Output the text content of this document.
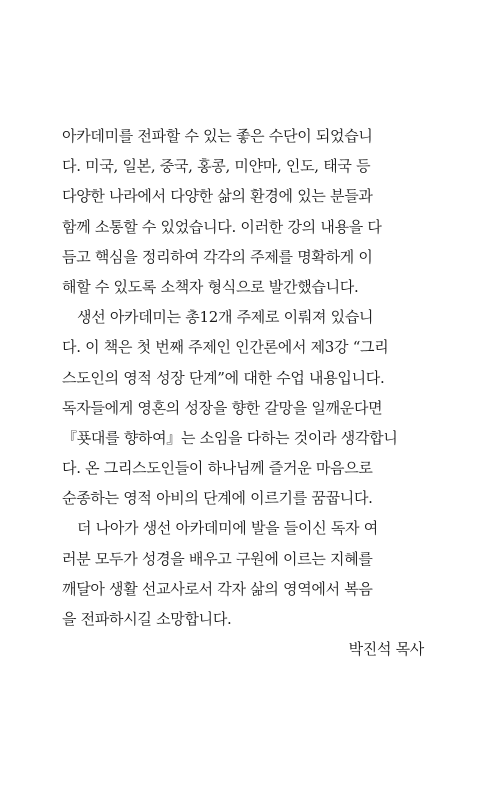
아카데미를 전파할 수 있는 좋은 수단이 되었습니
다. 미국, 일본, 중국, 홍콩, 미얀마, 인도, 태국 등
다양한 나라에서 다양한 삶의 환경에 있는 분들과
함께 소통할 수 있었습니다. 이러한 강의 내용을 다
듬고 핵심을 정리하여 각각의 주제를 명확하게 이
해할 수 있도록 소책자 형식으로 발간했습니다.
생선 아카데미는 총12개 주제로 이뤄져 있습니
다. 이 책은 첫 번째 주제인 인간론에서 제3강 “그리
스도인의 영적 성장 단계”에 대한 수업 내용입니다.
독자들에게 영혼의 성장을 향한 갈망을 일깨운다면
『푯대를 향하여』는 소임을 다하는 것이라 생각합니
다. 온 그리스도인들이 하나님께 즐거운 마음으로
순종하는 영적 아비의 단계에 이르기를 꿈꿉니다.
더 나아가 생선 아카데미에 발을 들이신 독자 여
러분 모두가 성경을 배우고 구원에 이르는 지혜를
깨달아 생활 선교사로서 각자 삶의 영역에서 복음
을 전파하시길 소망합니다.
박진석 목사
